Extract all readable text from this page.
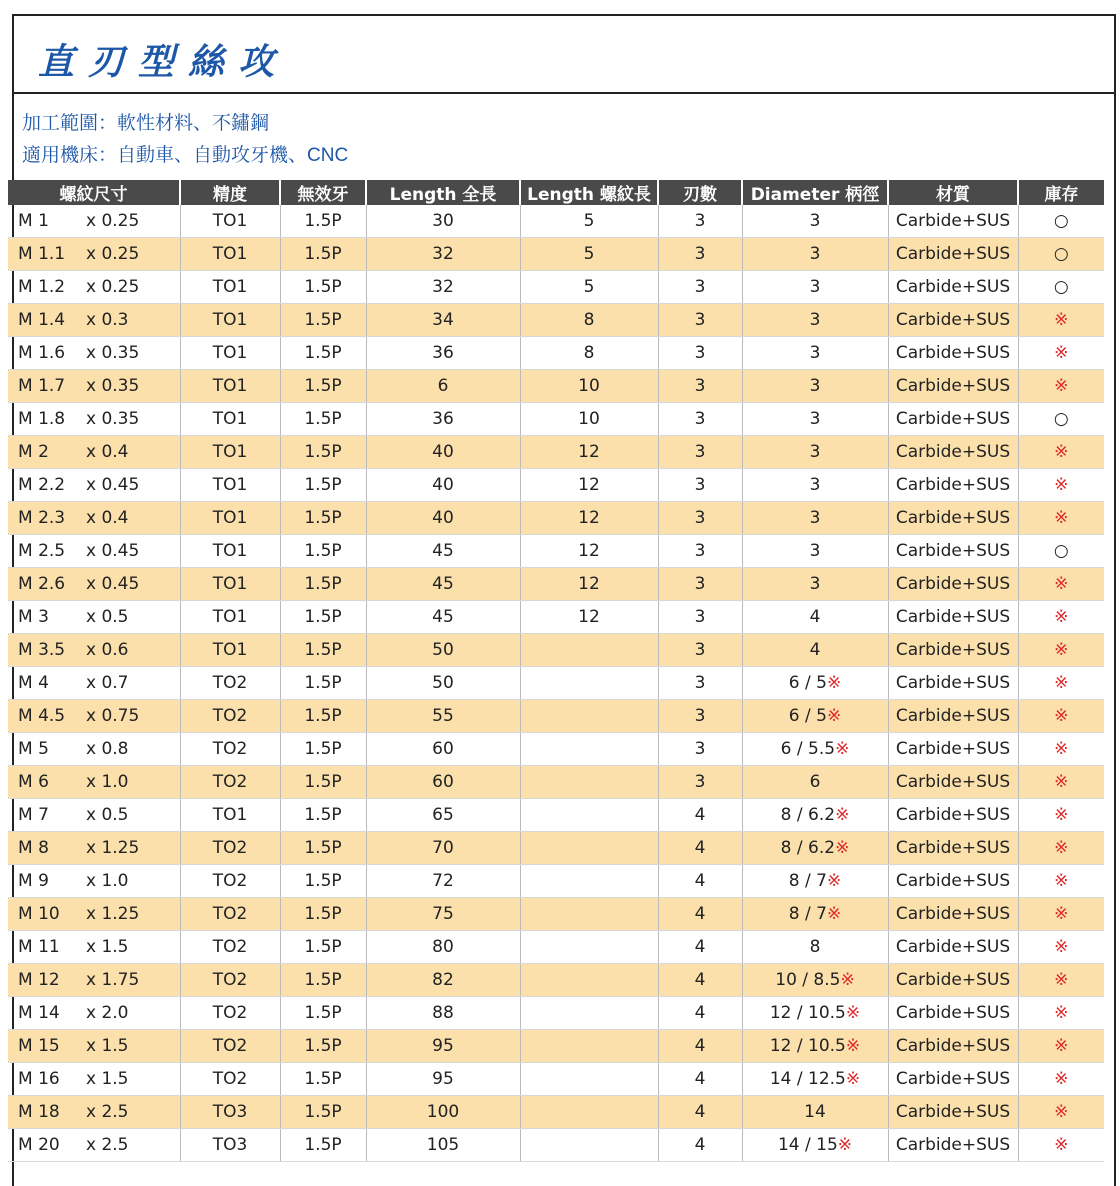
直刃型絲攻
加工範圍：軟性材料、不鏽鋼
適用機床：自動車、自動攻牙機、CNC
螺紋尺寸	精度	無效牙	Length 全長	Length 螺紋長	刃數	Diameter 柄徑	材質	庫存
M 1 x 0.25	TO1	1.5P	30	5	3	3	Carbide+SUS	○
M 1.1 x 0.25	TO1	1.5P	32	5	3	3	Carbide+SUS	○
M 1.2 x 0.25	TO1	1.5P	32	5	3	3	Carbide+SUS	○
M 1.4 x 0.3	TO1	1.5P	34	8	3	3	Carbide+SUS	※
M 1.6 x 0.35	TO1	1.5P	36	8	3	3	Carbide+SUS	※
M 1.7 x 0.35	TO1	1.5P	6	10	3	3	Carbide+SUS	※
M 1.8 x 0.35	TO1	1.5P	36	10	3	3	Carbide+SUS	○
M 2 x 0.4	TO1	1.5P	40	12	3	3	Carbide+SUS	※
M 2.2 x 0.45	TO1	1.5P	40	12	3	3	Carbide+SUS	※
M 2.3 x 0.4	TO1	1.5P	40	12	3	3	Carbide+SUS	※
M 2.5 x 0.45	TO1	1.5P	45	12	3	3	Carbide+SUS	○
M 2.6 x 0.45	TO1	1.5P	45	12	3	3	Carbide+SUS	※
M 3 x 0.5	TO1	1.5P	45	12	3	4	Carbide+SUS	※
M 3.5 x 0.6	TO1	1.5P	50		3	4	Carbide+SUS	※
M 4 x 0.7	TO2	1.5P	50		3	6 / 5※	Carbide+SUS	※
M 4.5 x 0.75	TO2	1.5P	55		3	6 / 5※	Carbide+SUS	※
M 5 x 0.8	TO2	1.5P	60		3	6 / 5.5※	Carbide+SUS	※
M 6 x 1.0	TO2	1.5P	60		3	6	Carbide+SUS	※
M 7 x 0.5	TO1	1.5P	65		4	8 / 6.2※	Carbide+SUS	※
M 8 x 1.25	TO2	1.5P	70		4	8 / 6.2※	Carbide+SUS	※
M 9 x 1.0	TO2	1.5P	72		4	8 / 7※	Carbide+SUS	※
M 10 x 1.25	TO2	1.5P	75		4	8 / 7※	Carbide+SUS	※
M 11 x 1.5	TO2	1.5P	80		4	8	Carbide+SUS	※
M 12 x 1.75	TO2	1.5P	82		4	10 / 8.5※	Carbide+SUS	※
M 14 x 2.0	TO2	1.5P	88		4	12 / 10.5※	Carbide+SUS	※
M 15 x 1.5	TO2	1.5P	95		4	12 / 10.5※	Carbide+SUS	※
M 16 x 1.5	TO2	1.5P	95		4	14 / 12.5※	Carbide+SUS	※
M 18 x 2.5	TO3	1.5P	100		4	14	Carbide+SUS	※
M 20 x 2.5	TO3	1.5P	105		4	14 / 15※	Carbide+SUS	※
